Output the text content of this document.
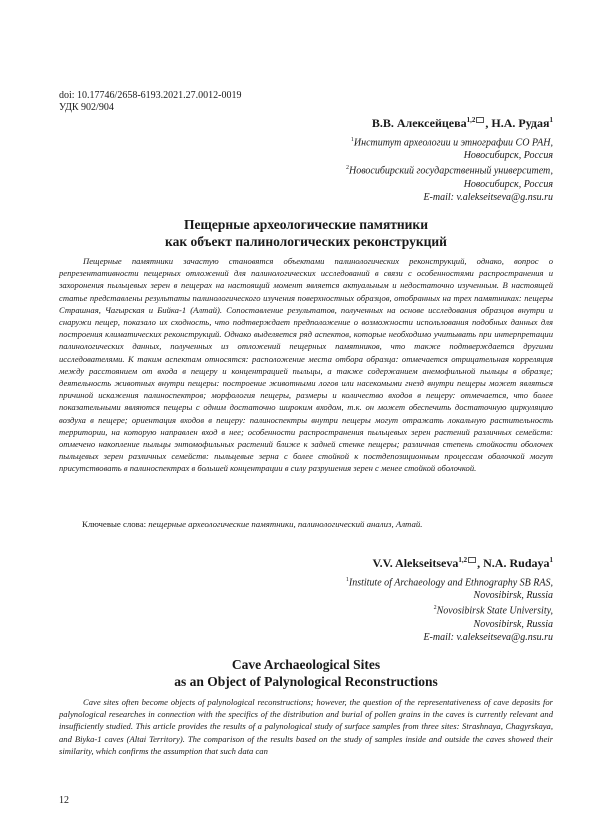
doi: 10.17746/2658-6193.2021.27.0012-0019
УДК 902/904
В.В. Алексейцева$^{1,2}$ , Н.А. Рудая$^1$
$^1$Институт археологии и этнографии СО РАН,
Новосибирск, Россия
$^2$Новосибирский государственный университет,
Новосибирск, Россия
E-mail: v.alekseitseva@g.nsu.ru
Пещерные археологические памятники
как объект палинологических реконструкций
Пещерные памятники зачастую становятся объектами палинологических реконструкций, однако, вопрос о репрезентативности пещерных отложений для палинологических исследований в связи с особенностями распространения и захоронения пыльцевых зерен в пещерах на настоящий момент является актуальным и недостаточно изученным. В настоящей статье представлены результаты палинологического изучения поверхностных образцов, отобранных на трех памятниках: пещеры Страшная, Чагырская и Бийка-1 (Алтай). Сопоставление результатов, полученных на основе исследования образцов внутри и снаружи пещер, показало их сходность, что подтверждает предположение о возможности использования подобных данных для построения климатических реконструкций. Однако выделяется ряд аспектов, которые необходимо учитывать при интерпретации палинологических данных, полученных из отложений пещерных памятников, что также подтверждается другими исследователями. К таким аспектам относятся: расположение места отбора образца: отмечается отрицательная корреляция между расстоянием от входа в пещеру и концентрацией пыльцы, а также содержанием анемофильной пыльцы в образце; деятельность животных внутри пещеры: построение животными логов или насекомыми гнезд внутри пещеры может являться причиной искажения палиноспектров; морфология пещеры, размеры и количество входов в пещеру: отмечается, что более показательными являются пещеры с одним достаточно широким входом, т.к. он может обеспечить достаточную циркуляцию воздуха в пещере; ориентация входов в пещеру: палиноспектры внутри пещеры могут отражать локальную растительность территории, на которую направлен вход в нее; особенности распространения пыльцевых зерен растений различных семейств: отмечено накопление пыльцы энтомофильных растений ближе к задней стенке пещеры; различная степень стойкости оболочек пыльцевых зерен различных семейств: пыльцевые зерна с более стойкой к постдепозиционным процессам оболочкой могут присутствовать в палиноспектрах в большей концентрации в силу разрушения зерен с менее стойкой оболочкой.
Ключевые слова: пещерные археологические памятники, палинологический анализ, Алтай.
V.V. Alekseitseva$^{1,2}$ , N.A. Rudaya$^1$
$^1$Institute of Archaeology and Ethnography SB RAS,
Novosibirsk, Russia
$^2$Novosibirsk State University,
Novosibirsk, Russia
E-mail: v.alekseitseva@g.nsu.ru
Cave Archaeological Sites
as an Object of Palynological Reconstructions
Cave sites often become objects of palynological reconstructions; however, the question of the representativeness of cave deposits for palynological researches in connection with the specifics of the distribution and burial of pollen grains in the caves is currently relevant and insufficiently studied. This article provides the results of a palynological study of surface samples from three sites: Strashnaya, Chagyrskaya, and Biyka-1 caves (Altai Territory). The comparison of the results based on the study of samples inside and outside the caves showed their similarity, which confirms the assumption that such data can
12
